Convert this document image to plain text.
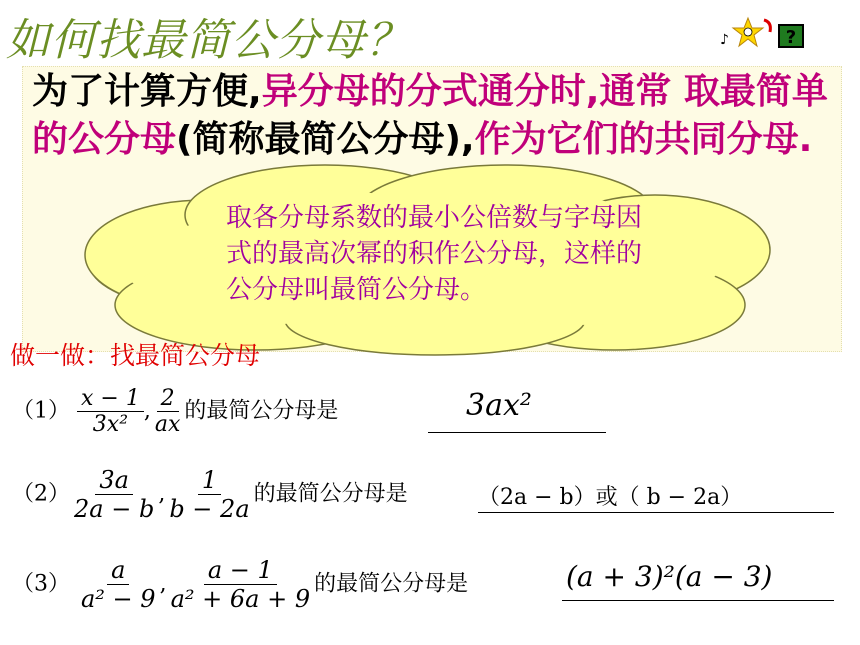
如何找最简公分母？	♪	?
为了计算方便,异分母的分式通分时,通常 取最简单的公分母(简称最简公分母),作为它们的共同分母.
取各分母系数的最小公倍数与字母因式的最高次幂的积作公分母，这样的公分母叫最简公分母。
做一做：找最简公分母
$(1) \frac{x - 1}{\text{3x²}}$ , $\frac{2}{ax}$ 的最简公分母是	3ax²
$(2) \frac{3a}{2a - b}$ , $\frac{1}{b - 2a}$ 的最简公分母是	（2a − b）或（ b − 2a）
$(3) \frac{a}{\text{a² − 9}}$ , $\frac{a - 1}{\text{a² + 6a + 9}}$ 的最简公分母是	(a + 3)²(a − 3)
